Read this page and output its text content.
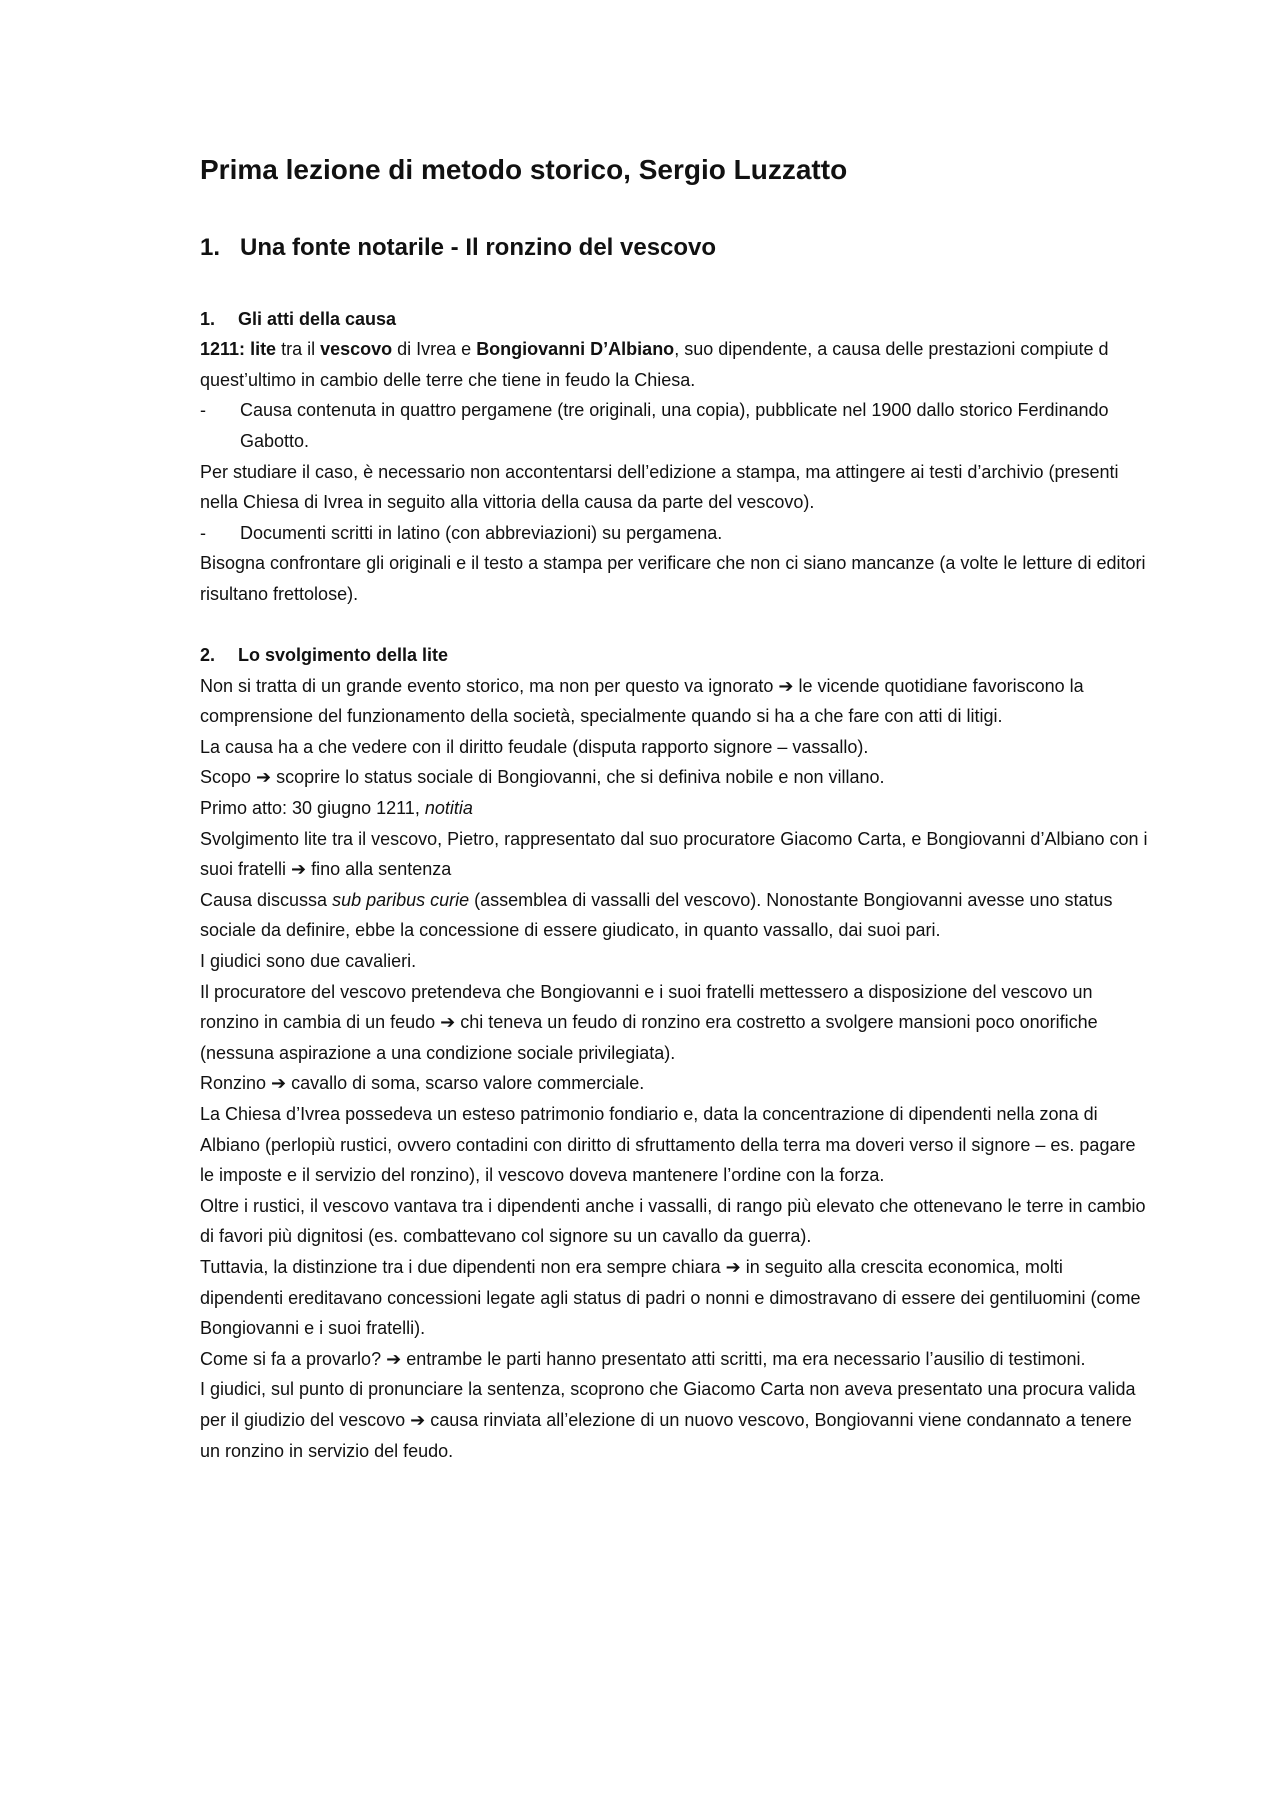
Prima lezione di metodo storico, Sergio Luzzatto
1. Una fonte notarile - Il ronzino del vescovo
1. Gli atti della causa

1211: lite tra il vescovo di Ivrea e Bongiovanni D’Albiano, suo dipendente, a causa delle prestazioni compiute d quest’ultimo in cambio delle terre che tiene in feudo la Chiesa.

- Causa contenuta in quattro pergamene (tre originali, una copia), pubblicate nel 1900 dallo storico Ferdinando Gabotto.

Per studiare il caso, è necessario non accontentarsi dell’edizione a stampa, ma attingere ai testi d’archivio (presenti nella Chiesa di Ivrea in seguito alla vittoria della causa da parte del vescovo).

- Documenti scritti in latino (con abbreviazioni) su pergamena.

Bisogna confrontare gli originali e il testo a stampa per verificare che non ci siano mancanze (a volte le letture di editori risultano frettolose).

2. Lo svolgimento della lite

Non si tratta di un grande evento storico, ma non per questo va ignorato ➔ le vicende quotidiane favoriscono la comprensione del funzionamento della società, specialmente quando si ha a che fare con atti di litigi.

La causa ha a che vedere con il diritto feudale (disputa rapporto signore – vassallo).

Scopo ➔ scoprire lo status sociale di Bongiovanni, che si definiva nobile e non villano.

Primo atto: 30 giugno 1211, notitia

Svolgimento lite tra il vescovo, Pietro, rappresentato dal suo procuratore Giacomo Carta, e Bongiovanni d’Albiano con i suoi fratelli ➔ fino alla sentenza

Causa discussa sub paribus curie (assemblea di vassalli del vescovo). Nonostante Bongiovanni avesse uno status sociale da definire, ebbe la concessione di essere giudicato, in quanto vassallo, dai suoi pari.

I giudici sono due cavalieri.

Il procuratore del vescovo pretendeva che Bongiovanni e i suoi fratelli mettessero a disposizione del vescovo un ronzino in cambia di un feudo ➔ chi teneva un feudo di ronzino era costretto a svolgere mansioni poco onorifiche (nessuna aspirazione a una condizione sociale privilegiata).

Ronzino ➔ cavallo di soma, scarso valore commerciale.

La Chiesa d’Ivrea possedeva un esteso patrimonio fondiario e, data la concentrazione di dipendenti nella zona di Albiano (perlopiù rustici, ovvero contadini con diritto di sfruttamento della terra ma doveri verso il signore – es. pagare le imposte e il servizio del ronzino), il vescovo doveva mantenere l’ordine con la forza.

Oltre i rustici, il vescovo vantava tra i dipendenti anche i vassalli, di rango più elevato che ottenevano le terre in cambio di favori più dignitosi (es. combattevano col signore su un cavallo da guerra).

Tuttavia, la distinzione tra i due dipendenti non era sempre chiara ➔ in seguito alla crescita economica, molti dipendenti ereditavano concessioni legate agli status di padri o nonni e dimostravano di essere dei gentiluomini (come Bongiovanni e i suoi fratelli).

Come si fa a provarlo? ➔ entrambe le parti hanno presentato atti scritti, ma era necessario l’ausilio di testimoni.

I giudici, sul punto di pronunciare la sentenza, scoprono che Giacomo Carta non aveva presentato una procura valida per il giudizio del vescovo ➔ causa rinviata all’elezione di un nuovo vescovo, Bongiovanni viene condannato a tenere un ronzino in servizio del feudo.
